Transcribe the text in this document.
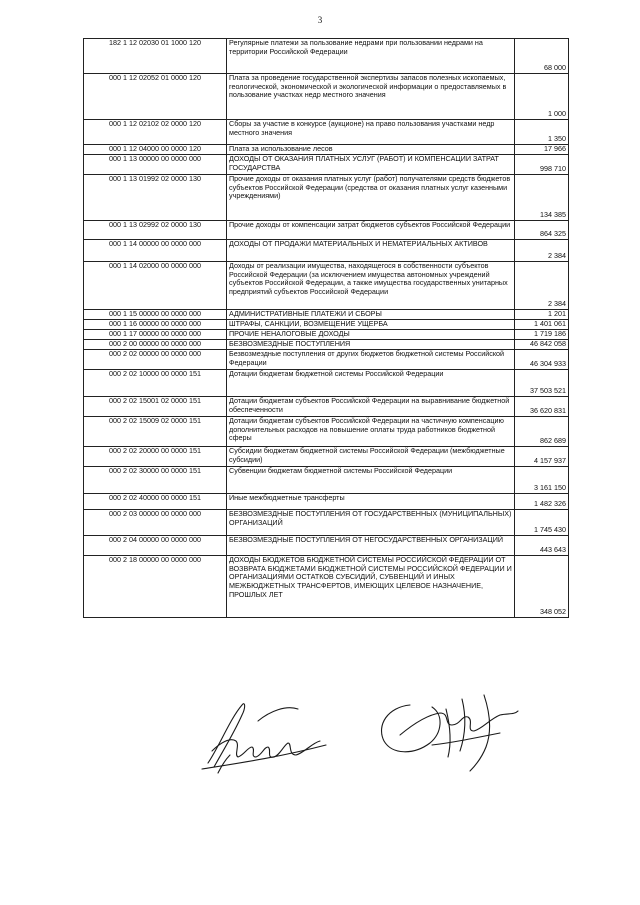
3
182 1 12 02030 01 1000 120	Регулярные платежи за пользование недрами при пользовании недрами на территории Российской Федерации	68 000
000 1 12 02052 01 0000 120	Плата за проведение государственной экспертизы запасов полезных ископаемых, геологической, экономической и экологической информации о предоставляемых в пользование участках недр местного значения	1 000
000 1 12 02102 02 0000 120	Сборы за участие в конкурсе (аукционе) на право пользования участками недр местного значения	1 350
000 1 12 04000 00 0000 120	Плата за использование лесов	17 966
000 1 13 00000 00 0000 000	ДОХОДЫ ОТ ОКАЗАНИЯ ПЛАТНЫХ УСЛУГ (РАБОТ) И КОМПЕНСАЦИИ ЗАТРАТ ГОСУДАРСТВА	998 710
000 1 13 01992 02 0000 130	Прочие доходы от оказания платных услуг (работ) получателями средств бюджетов субъектов Российской Федерации (средства от оказания платных услуг казенными учреждениями)	134 385
000 1 13 02992 02 0000 130	Прочие доходы от компенсации затрат бюджетов субъектов Российской Федерации	864 325
000 1 14 00000 00 0000 000	ДОХОДЫ ОТ ПРОДАЖИ МАТЕРИАЛЬНЫХ И НЕМАТЕРИАЛЬНЫХ АКТИВОВ	2 384
000 1 14 02000 00 0000 000	Доходы от реализации имущества, находящегося в собственности субъектов Российской Федерации (за исключением имущества автономных учреждений субъектов Российской Федерации, а также имущества государственных унитарных предприятий субъектов Российской Федерации	2 384
000 1 15 00000 00 0000 000	АДМИНИСТРАТИВНЫЕ ПЛАТЕЖИ И СБОРЫ	1 201
000 1 16 00000 00 0000 000	ШТРАФЫ, САНКЦИИ, ВОЗМЕЩЕНИЕ УЩЕРБА	1 401 061
000 1 17 00000 00 0000 000	ПРОЧИЕ НЕНАЛОГОВЫЕ ДОХОДЫ	1 719 186
000 2 00 00000 00 0000 000	БЕЗВОЗМЕЗДНЫЕ ПОСТУПЛЕНИЯ	46 842 058
000 2 02 00000 00 0000 000	Безвозмездные поступления от других бюджетов бюджетной системы Российской Федерации	46 304 933
000 2 02 10000 00 0000 151	Дотации бюджетам бюджетной системы Российской Федерации	37 503 521
000 2 02 15001 02 0000 151	Дотации бюджетам субъектов Российской Федерации на выравнивание бюджетной обеспеченности	36 620 831
000 2 02 15009 02 0000 151	Дотации бюджетам субъектов Российской Федерации на частичную компенсацию дополнительных расходов на повышение оплаты труда работников бюджетной сферы	862 689
000 2 02 20000 00 0000 151	Субсидии бюджетам бюджетной системы Российской Федерации (межбюджетные субсидии)	4 157 937
000 2 02 30000 00 0000 151	Субвенции бюджетам бюджетной системы Российской Федерации	3 161 150
000 2 02 40000 00 0000 151	Иные межбюджетные трансферты	1 482 326
000 2 03 00000 00 0000 000	БЕЗВОЗМЕЗДНЫЕ ПОСТУПЛЕНИЯ ОТ ГОСУДАРСТВЕННЫХ (МУНИЦИПАЛЬНЫХ) ОРГАНИЗАЦИЙ	1 745 430
000 2 04 00000 00 0000 000	БЕЗВОЗМЕЗДНЫЕ ПОСТУПЛЕНИЯ ОТ НЕГОСУДАРСТВЕННЫХ ОРГАНИЗАЦИЙ	443 643
000 2 18 00000 00 0000 000	ДОХОДЫ БЮДЖЕТОВ БЮДЖЕТНОЙ СИСТЕМЫ РОССИЙСКОЙ ФЕДЕРАЦИИ ОТ ВОЗВРАТА БЮДЖЕТАМИ БЮДЖЕТНОЙ СИСТЕМЫ РОССИЙСКОЙ ФЕДЕРАЦИИ И ОРГАНИЗАЦИЯМИ ОСТАТКОВ СУБСИДИЙ, СУБВЕНЦИЙ И ИНЫХ МЕЖБЮДЖЕТНЫХ ТРАНСФЕРТОВ, ИМЕЮЩИХ ЦЕЛЕВОЕ НАЗНАЧЕНИЕ, ПРОШЛЫХ ЛЕТ	348 052
